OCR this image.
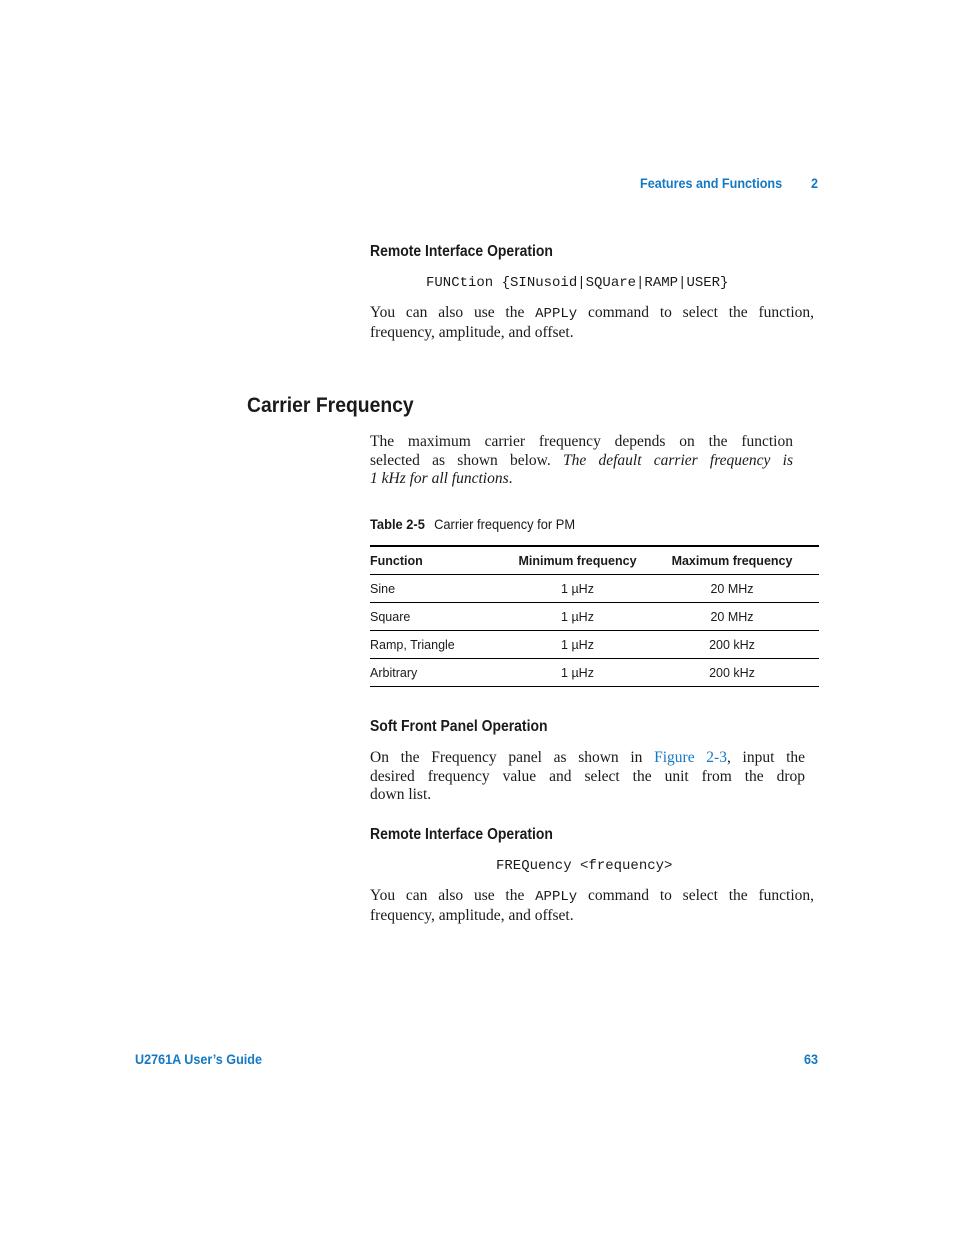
Features and Functions 2
Remote Interface Operation
FUNCtion {SINusoid|SQUare|RAMP|USER}
You can also use the APPLy command to select the function,
frequency, amplitude, and offset.
Carrier Frequency
The maximum carrier frequency depends on the function
selected as shown below. The default carrier frequency is
1 kHz for all functions.
Table 2-5 Carrier frequency for PM
Function	Minimum frequency	Maximum frequency
Sine	1 µHz	20 MHz
Square	1 µHz	20 MHz
Ramp, Triangle	1 µHz	200 kHz
Arbitrary	1 µHz	200 kHz
Soft Front Panel Operation
On the Frequency panel as shown in Figure 2-3, input the
desired frequency value and select the unit from the drop
down list.
Remote Interface Operation
FREQuency <frequency>
You can also use the APPLy command to select the function,
frequency, amplitude, and offset.
U2761A User’s Guide	63
